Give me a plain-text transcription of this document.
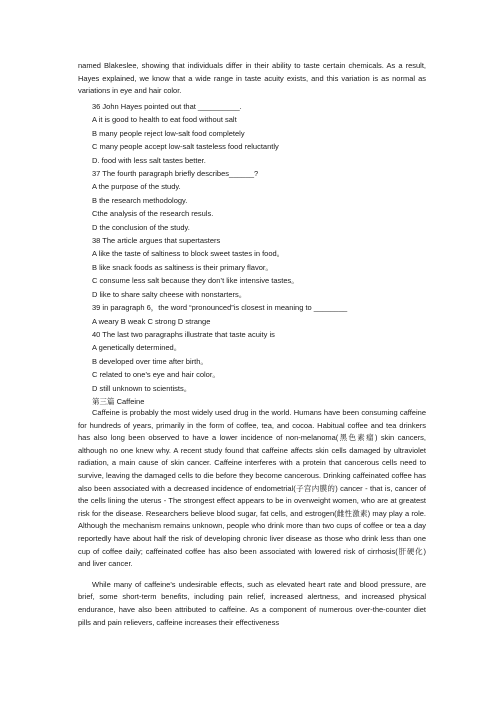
named Blakeslee, showing that individuals differ in their ability to taste certain chemicals. As a result, Hayes explained, we know that a wide range in taste acuity exists, and this variation is as normal as variations in eye and hair color.

36 John Hayes pointed out that __________.

A it is good to health to eat food without salt

B many people reject low-salt food completely

C many people accept low-salt tasteless food reluctantly

D. food with less salt tastes better.

37 The fourth paragraph briefly describes______?

A the purpose of the study.

B the research methodology.

Cthe analysis of the research resuls.

D the conclusion of the study.

38 The article argues that supertasters

A like the taste of saltiness to block sweet tastes in food。

B like snack foods as saltiness is their primary flavor。

C consume less salt because they don’t like intensive tastes。

D like to share salty cheese with nonstarters。

39 in paragraph 6，the word “pronounced”is closest in meaning to ________

A weary B weak C strong D strange

40 The last two paragraphs illustrate that taste acuity is

A genetically determined。

B developed over time after birth。

C related to one’s eye and hair color。

D still unknown to scientists。

第三篇 Caffeine

Caffeine is probably the most widely used drug in the world. Humans have been consuming caffeine for hundreds of years, primarily in the form of coffee, tea, and cocoa. Habitual coffee and tea drinkers has also long been observed to have a lower incidence of non-melanoma(黑色素瘤) skin cancers, although no one knew why. A recent study found that caffeine affects skin cells damaged by ultraviolet radiation, a main cause of skin cancer. Caffeine interferes with a protein that cancerous cells need to survive, leaving the damaged cells to die before they become cancerous. Drinking caffeinated coffee has also been associated with a decreased incidence of endometrial(子宫内膜的) cancer - that is, cancer of the cells lining the uterus - The strongest effect appears to be in overweight women, who are at greatest risk for the disease. Researchers believe blood sugar, fat cells, and estrogen(雌性激素) may play a role. Although the mechanism remains unknown, people who drink more than two cups of coffee or tea a day reportedly have about half the risk of developing chronic liver disease as those who drink less than one cup of coffee daily; caffeinated coffee has also been associated with lowered risk of cirrhosis(肝硬化) and liver cancer.

While many of caffeine's undesirable effects, such as elevated heart rate and blood pressure, are brief, some short-term benefits, including pain relief, increased alertness, and increased physical endurance, have also been attributed to caffeine. As a component of numerous over-the-counter diet pills and pain relievers, caffeine increases their effectiveness
